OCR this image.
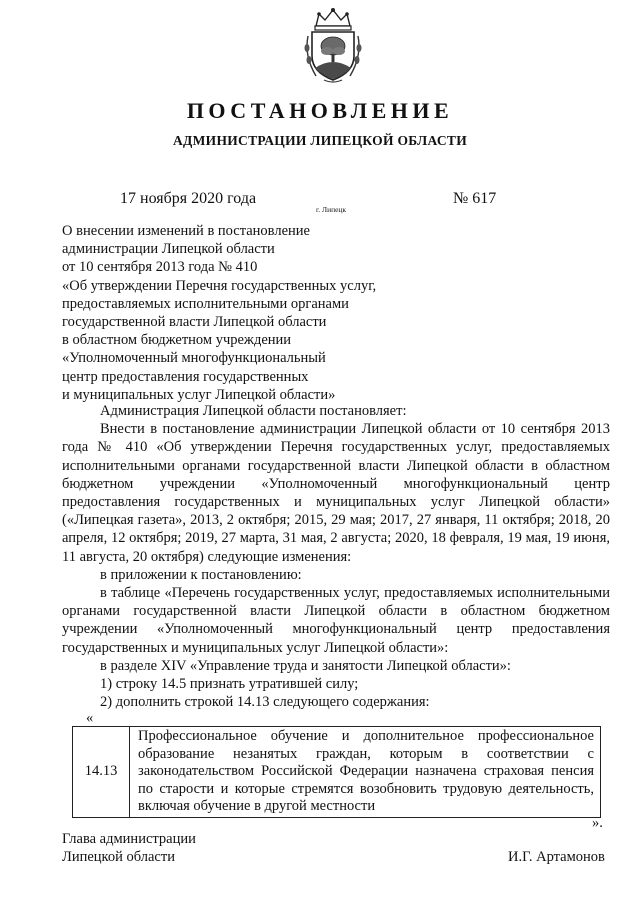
ПОСТАНОВЛЕНИЕ
АДМИНИСТРАЦИИ ЛИПЕЦКОЙ ОБЛАСТИ
17 ноября 2020 года
г. Липецк
№ 617
О внесении изменений в постановление
администрации Липецкой области
от 10 сентября 2013 года № 410
«Об утверждении Перечня государственных услуг,
предоставляемых исполнительными органами
государственной власти Липецкой области
в областном бюджетном учреждении
«Уполномоченный многофункциональный
центр предоставления государственных
и муниципальных услуг Липецкой области»
Администрация Липецкой области постановляет:
Внести в постановление администрации Липецкой области от 10 сентября 2013 года № 410 «Об утверждении Перечня государственных услуг, предоставляемых исполнительными органами государственной власти Липецкой области в областном бюджетном учреждении «Уполномоченный многофункциональный центр предоставления государственных и муниципальных услуг Липецкой области» («Липецкая газета», 2013, 2 октября; 2015, 29 мая; 2017, 27 января, 11 октября; 2018, 20 апреля, 12 октября; 2019, 27 марта, 31 мая, 2 августа; 2020, 18 февраля, 19 мая, 19 июня, 11 августа, 20 октября) следующие изменения:
в приложении к постановлению:
в таблице «Перечень государственных услуг, предоставляемых исполнительными органами государственной власти Липецкой области в областном бюджетном учреждении «Уполномоченный многофункциональный центр предоставления государственных и муниципальных услуг Липецкой области»:
в разделе XIV «Управление труда и занятости Липецкой области»:
1) строку 14.5 признать утратившей силу;
2) дополнить строкой 14.13 следующего содержания:
«
14.13	Профессиональное обучение и дополнительное профессиональное образование незанятых граждан, которым в соответствии с законодательством Российской Федерации назначена страховая пенсия по старости и которые стремятся возобновить трудовую деятельность, включая обучение в другой местности
».
Глава администрации
Липецкой области	И.Г. Артамонов
